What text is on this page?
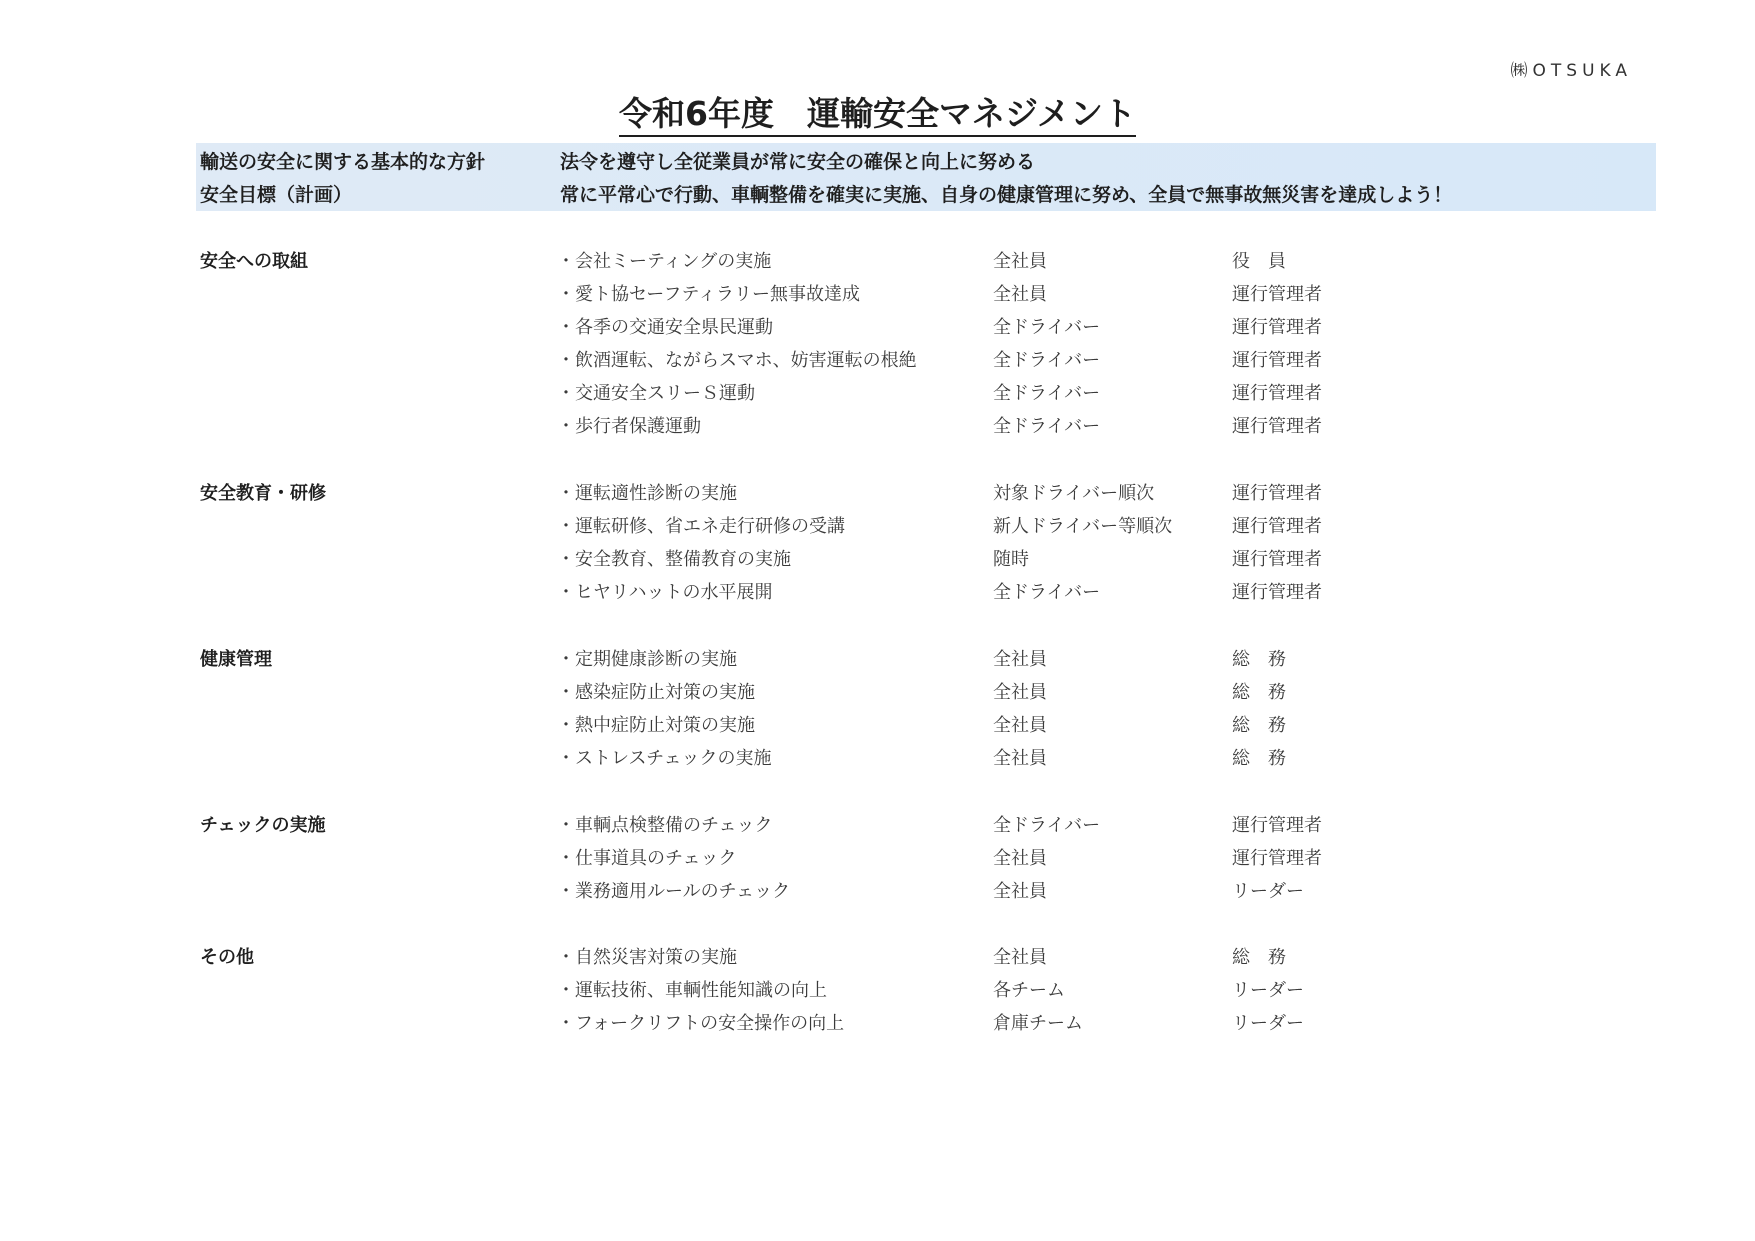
㈱OTSUKA
令和6年度　運輸安全マネジメント
輸送の安全に関する基本的な方針	法令を遵守し全従業員が常に安全の確保と向上に努める
安全目標（計画）	常に平常心で行動、車輌整備を確実に実施、自身の健康管理に努め、全員で無事故無災害を達成しよう！
安全への取組	・会社ミーティングの実施	全社員	役　員
・愛ト協セーフティラリー無事故達成	全社員	運行管理者
・各季の交通安全県民運動	全ドライバー	運行管理者
・飲酒運転、ながらスマホ、妨害運転の根絶	全ドライバー	運行管理者
・交通安全スリーＳ運動	全ドライバー	運行管理者
・歩行者保護運動	全ドライバー	運行管理者
安全教育・研修	・運転適性診断の実施	対象ドライバー順次	運行管理者
・運転研修、省エネ走行研修の受講	新人ドライバー等順次	運行管理者
・安全教育、整備教育の実施	随時	運行管理者
・ヒヤリハットの水平展開	全ドライバー	運行管理者
健康管理	・定期健康診断の実施	全社員	総　務
・感染症防止対策の実施	全社員	総　務
・熱中症防止対策の実施	全社員	総　務
・ストレスチェックの実施	全社員	総　務
チェックの実施	・車輌点検整備のチェック	全ドライバー	運行管理者
・仕事道具のチェック	全社員	運行管理者
・業務適用ルールのチェック	全社員	リーダー
その他	・自然災害対策の実施	全社員	総　務
・運転技術、車輌性能知識の向上	各チーム	リーダー
・フォークリフトの安全操作の向上	倉庫チーム	リーダー
